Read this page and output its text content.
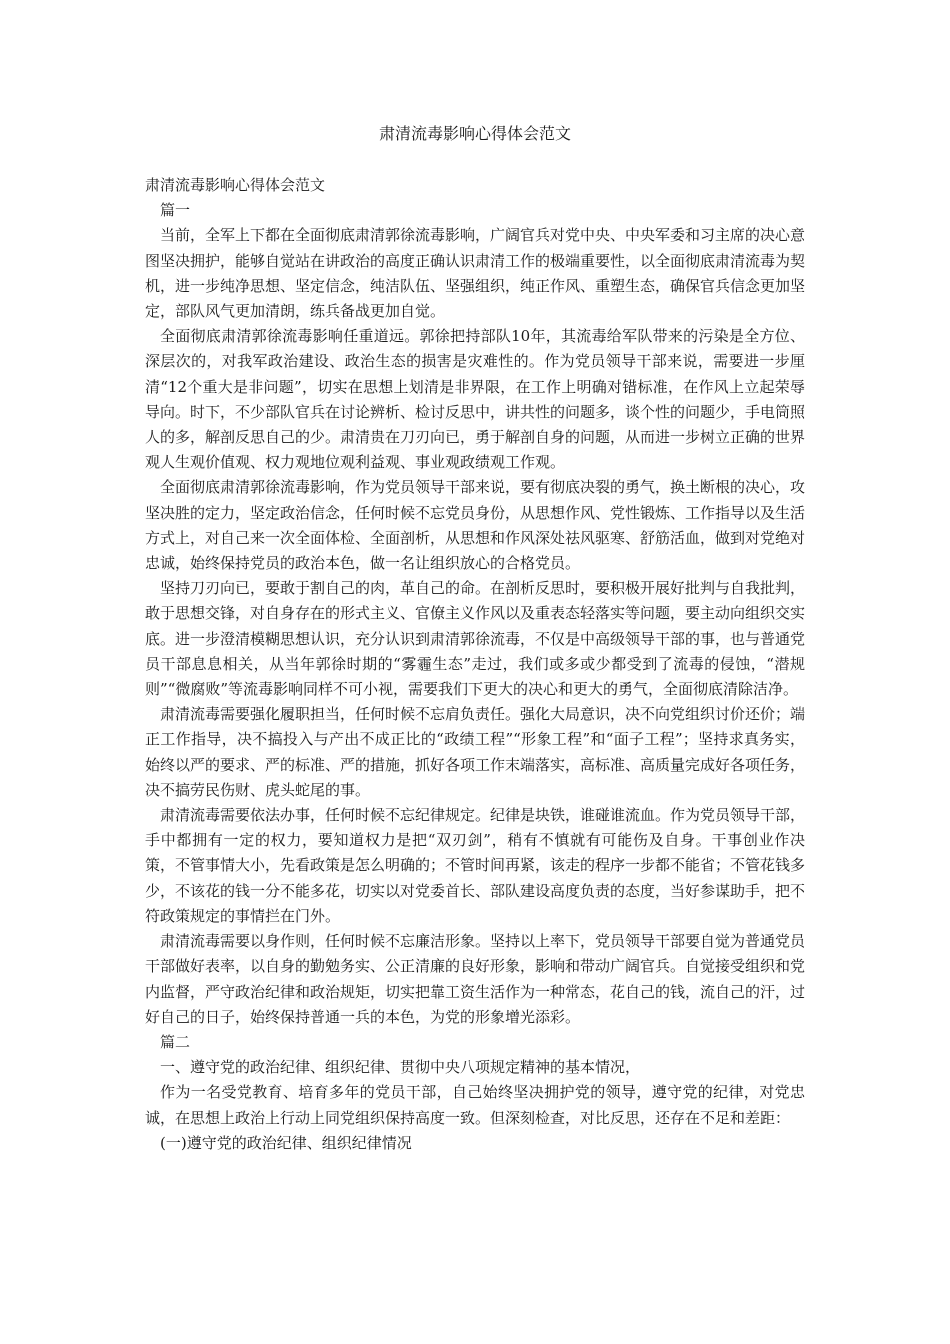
肃清流毒影响心得体会范文

肃清流毒影响心得体会范文

篇一

当前，全军上下都在全面彻底肃清郭徐流毒影响，广阔官兵对党中央、中央军委和习主席的决心意图坚决拥护，能够自觉站在讲政治的高度正确认识肃清工作的极端重要性，以全面彻底肃清流毒为契机，进一步纯净思想、坚定信念，纯洁队伍、坚强组织，纯正作风、重塑生态，确保官兵信念更加坚定，部队风气更加清朗，练兵备战更加自觉。

全面彻底肃清郭徐流毒影响任重道远。郭徐把持部队10年，其流毒给军队带来的污染是全方位、深层次的，对我军政治建设、政治生态的损害是灾难性的。作为党员领导干部来说，需要进一步厘清“12个重大是非问题”，切实在思想上划清是非界限，在工作上明确对错标准，在作风上立起荣辱导向。时下，不少部队官兵在讨论辨析、检讨反思中，讲共性的问题多，谈个性的问题少，手电筒照人的多，解剖反思自己的少。肃清贵在刀刃向已，勇于解剖自身的问题，从而进一步树立正确的世界观人生观价值观、权力观地位观利益观、事业观政绩观工作观。

全面彻底肃清郭徐流毒影响，作为党员领导干部来说，要有彻底决裂的勇气，换土断根的决心，攻坚决胜的定力，坚定政治信念，任何时候不忘党员身份，从思想作风、党性锻炼、工作指导以及生活方式上，对自己来一次全面体检、全面剖析，从思想和作风深处祛风驱寒、舒筋活血，做到对党绝对忠诚，始终保持党员的政治本色，做一名让组织放心的合格党员。

坚持刀刃向已，要敢于割自己的肉，革自己的命。在剖析反思时，要积极开展好批判与自我批判，敢于思想交锋，对自身存在的形式主义、官僚主义作风以及重表态轻落实等问题，要主动向组织交实底。进一步澄清模糊思想认识，充分认识到肃清郭徐流毒，不仅是中高级领导干部的事，也与普通党员干部息息相关，从当年郭徐时期的“雾霾生态”走过，我们或多或少都受到了流毒的侵蚀，“潜规则”“微腐败”等流毒影响同样不可小视，需要我们下更大的决心和更大的勇气，全面彻底清除洁净。

肃清流毒需要强化履职担当，任何时候不忘肩负责任。强化大局意识，决不向党组织讨价还价；端正工作指导，决不搞投入与产出不成正比的“政绩工程”“形象工程”和“面子工程”；坚持求真务实，始终以严的要求、严的标准、严的措施，抓好各项工作末端落实，高标准、高质量完成好各项任务，决不搞劳民伤财、虎头蛇尾的事。

肃清流毒需要依法办事，任何时候不忘纪律规定。纪律是块铁，谁碰谁流血。作为党员领导干部，手中都拥有一定的权力，要知道权力是把“双刃剑”，稍有不慎就有可能伤及自身。干事创业作决策，不管事情大小，先看政策是怎么明确的；不管时间再紧，该走的程序一步都不能省；不管花钱多少，不该花的钱一分不能多花，切实以对党委首长、部队建设高度负责的态度，当好参谋助手，把不符政策规定的事情拦在门外。

肃清流毒需要以身作则，任何时候不忘廉洁形象。坚持以上率下，党员领导干部要自觉为普通党员干部做好表率，以自身的勤勉务实、公正清廉的良好形象，影响和带动广阔官兵。自觉接受组织和党内监督，严守政治纪律和政治规矩，切实把靠工资生活作为一种常态，花自己的钱，流自己的汗，过好自己的日子，始终保持普通一兵的本色，为党的形象增光添彩。

篇二

一、遵守党的政治纪律、组织纪律、贯彻中央八项规定精神的基本情况，

作为一名受党教育、培育多年的党员干部，自己始终坚决拥护党的领导，遵守党的纪律，对党忠诚，在思想上政治上行动上同党组织保持高度一致。但深刻检查，对比反思，还存在不足和差距：

(一)遵守党的政治纪律、组织纪律情况
